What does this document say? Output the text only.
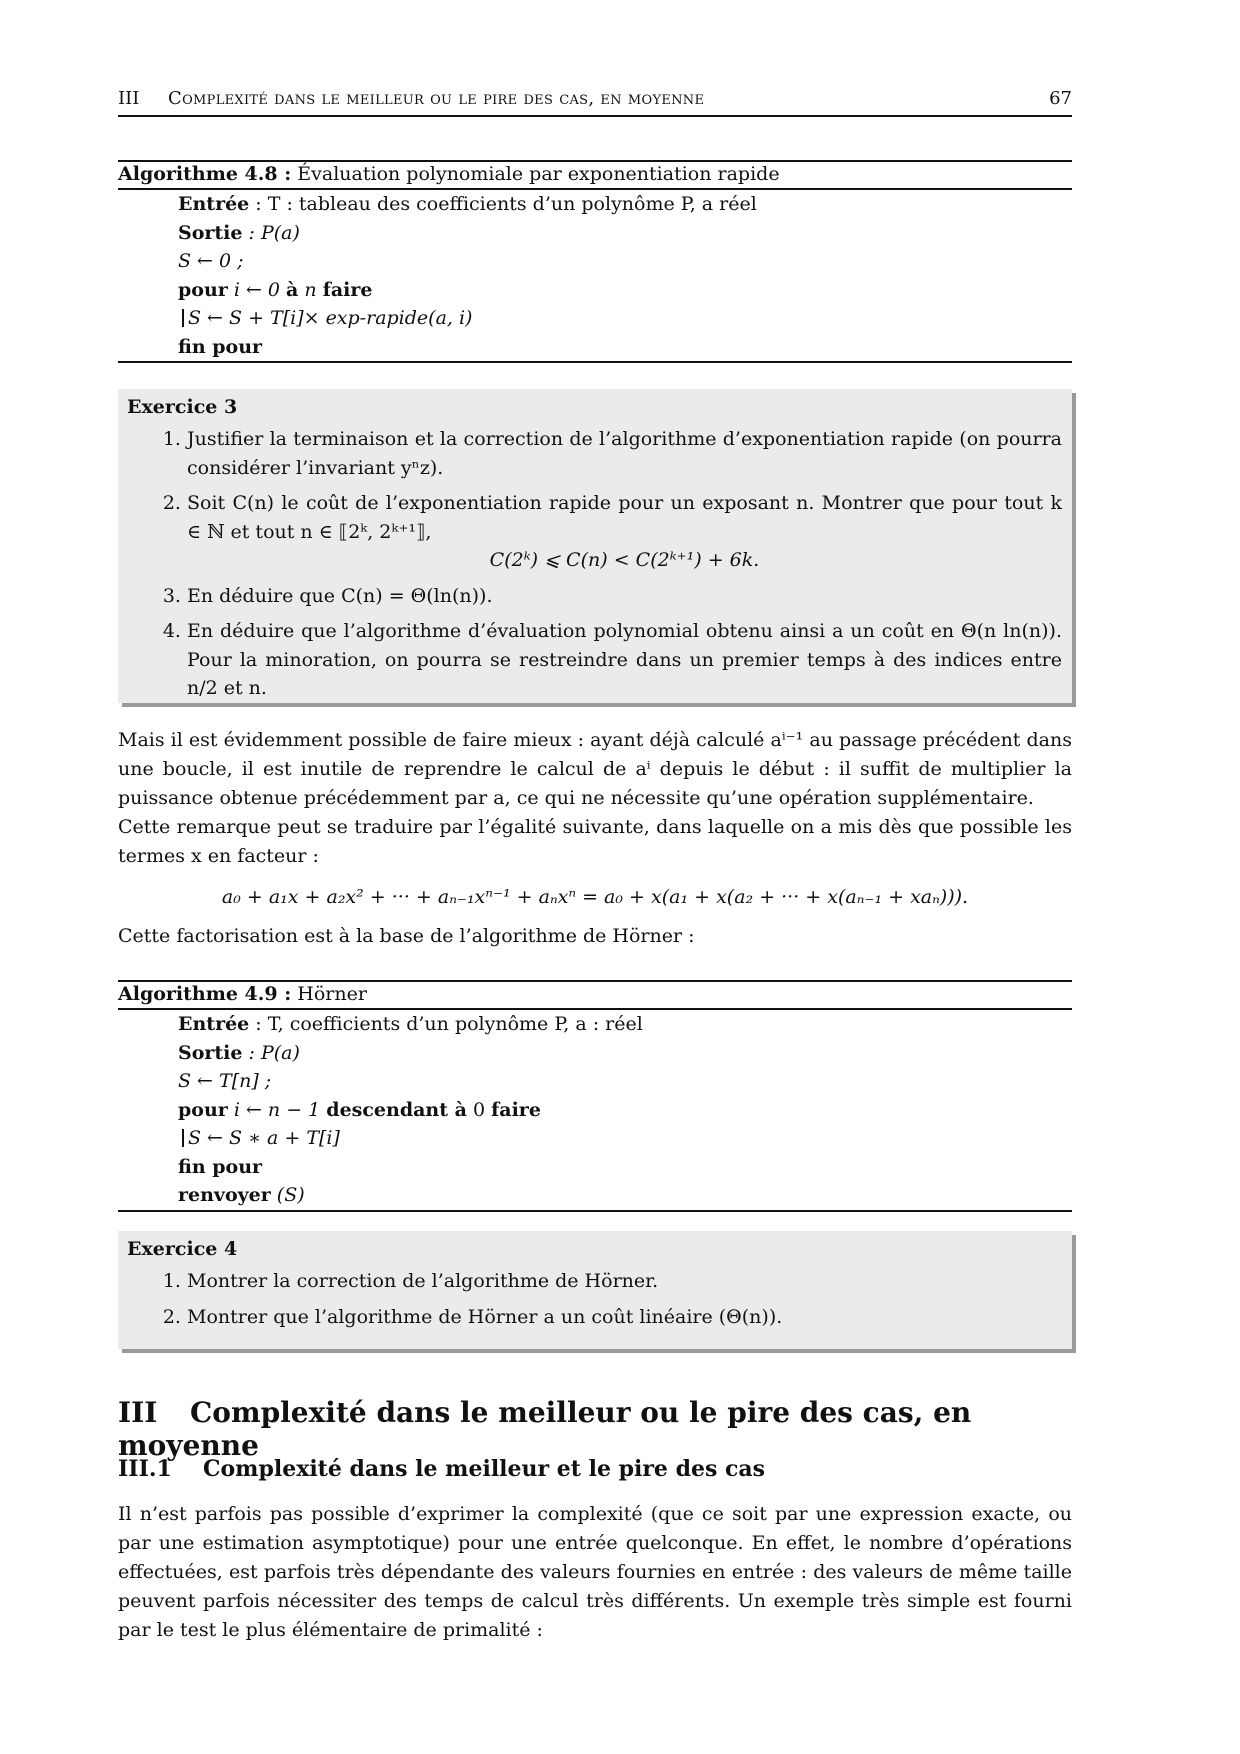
III Complexité dans le meilleur ou le pire des cas, en moyenne	67
Algorithme 4.8 : Évaluation polynomiale par exponentiation rapide
Entrée : T : tableau des coefficients d’un polynôme P, a réel
Sortie : P(a)
S ← 0 ;
pour i ← 0 à n faire
S ← S + T[i]× exp-rapide(a, i)
fin pour
Exercice 3
1. Justifier la terminaison et la correction de l’algorithme d’exponentiation rapide (on pourra considérer l’invariant yⁿz).
2. Soit C(n) le coût de l’exponentiation rapide pour un exposant n. Montrer que pour tout k ∈ ℕ et tout n ∈ ⟦2ᵏ, 2ᵏ⁺¹⟧,
C(2ᵏ) ⩽ C(n) < C(2ᵏ⁺¹) + 6k.
3. En déduire que C(n) = Θ(ln(n)).
4. En déduire que l’algorithme d’évaluation polynomial obtenu ainsi a un coût en Θ(n ln(n)). Pour la minoration, on pourra se restreindre dans un premier temps à des indices entre n/2 et n.

Mais il est évidemment possible de faire mieux : ayant déjà calculé aⁱ⁻¹ au passage précédent dans une boucle, il est inutile de reprendre le calcul de aⁱ depuis le début : il suffit de multiplier la puissance obtenue précédemment par a, ce qui ne nécessite qu’une opération supplémentaire.

Cette remarque peut se traduire par l’égalité suivante, dans laquelle on a mis dès que possible les termes x en facteur :

a₀ + a₁x + a₂x² + ··· + aₙ₋₁xⁿ⁻¹ + aₙxⁿ = a₀ + x(a₁ + x(a₂ + ··· + x(aₙ₋₁ + xaₙ))).

Cette factorisation est à la base de l’algorithme de Hörner :

Algorithme 4.9 : Hörner
Entrée : T, coefficients d’un polynôme P, a : réel
Sortie : P(a)
S ← T[n] ;
pour i ← n − 1 descendant à 0 faire
S ← S ∗ a + T[i]
fin pour
renvoyer (S)
Exercice 4
1. Montrer la correction de l’algorithme de Hörner.
2. Montrer que l’algorithme de Hörner a un coût linéaire (Θ(n)).
III Complexité dans le meilleur ou le pire des cas, en moyenne
III.1 Complexité dans le meilleur et le pire des cas

Il n’est parfois pas possible d’exprimer la complexité (que ce soit par une expression exacte, ou par une estimation asymptotique) pour une entrée quelconque. En effet, le nombre d’opérations effectuées, est parfois très dépendante des valeurs fournies en entrée : des valeurs de même taille peuvent parfois nécessiter des temps de calcul très différents. Un exemple très simple est fourni par le test le plus élémentaire de primalité :
